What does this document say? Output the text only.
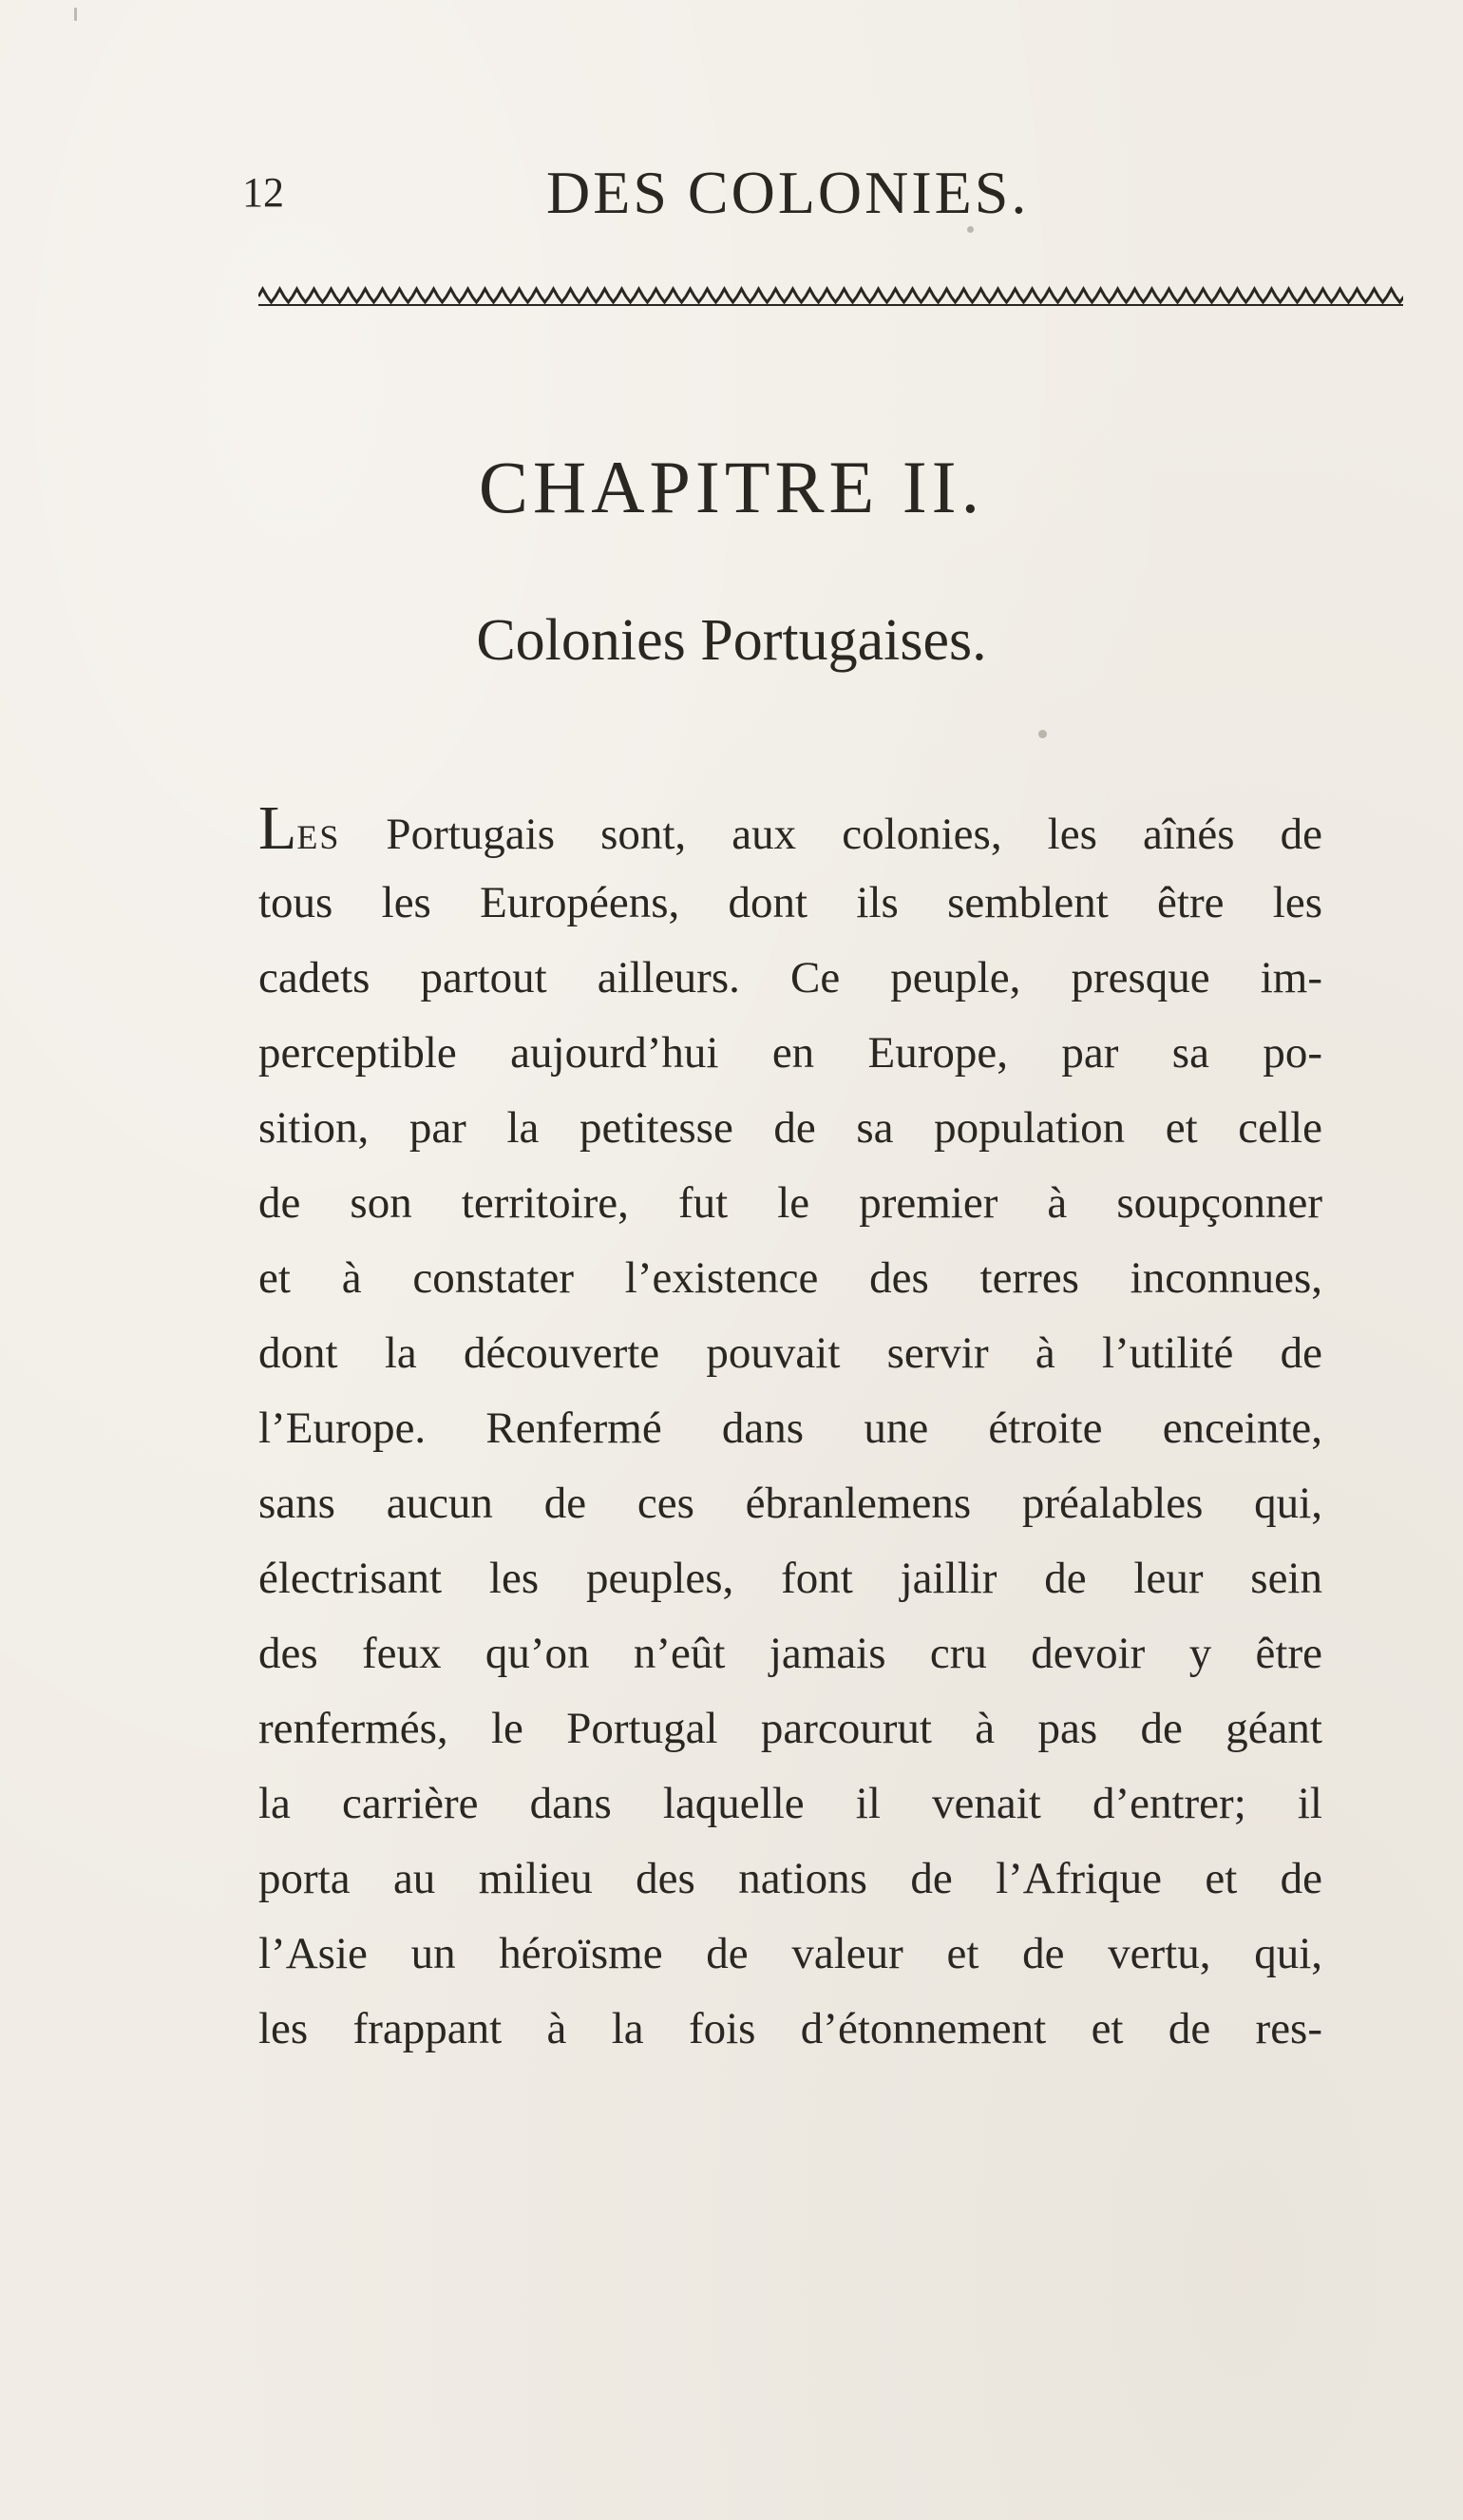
12	DES COLONIES.
CHAPITRE II.
Colonies Portugaises.
LES Portugais sont, aux colonies, les aînés de
tous les Européens, dont ils semblent être les
cadets partout ailleurs. Ce peuple, presque im-
perceptible aujourd’hui en Europe, par sa po-
sition, par la petitesse de sa population et celle
de son territoire, fut le premier à soupçonner
et à constater l’existence des terres inconnues,
dont la découverte pouvait servir à l’utilité de
l’Europe. Renfermé dans une étroite enceinte,
sans aucun de ces ébranlemens préalables qui,
électrisant les peuples, font jaillir de leur sein
des feux qu’on n’eût jamais cru devoir y être
renfermés, le Portugal parcourut à pas de géant
la carrière dans laquelle il venait d’entrer; il
porta au milieu des nations de l’Afrique et de
l’Asie un héroïsme de valeur et de vertu, qui,
les frappant à la fois d’étonnement et de res-
